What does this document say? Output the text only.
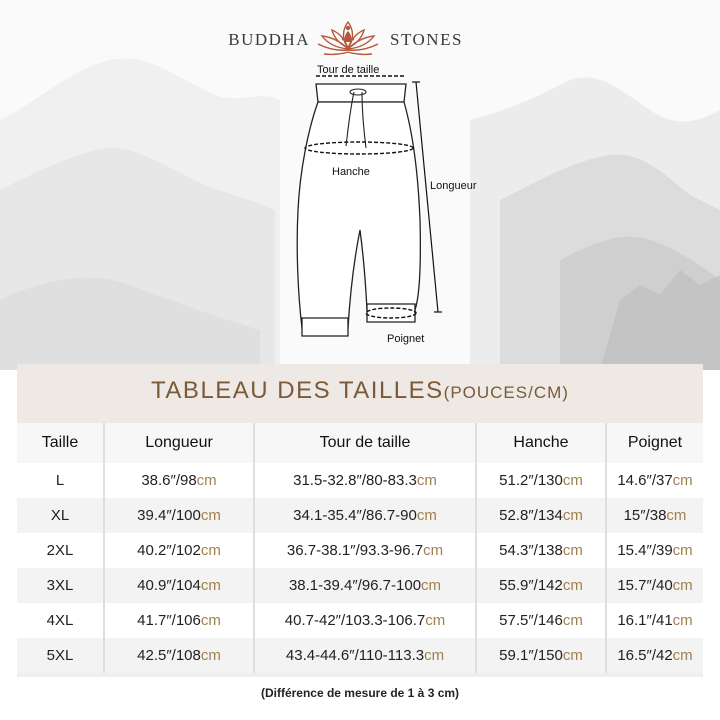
BUDDHA	STONES
Tour de taille
Hanche
Longueur
Poignet
TABLEAU DES TAILLES(POUCES/CM)
Taille	Longueur	Tour de taille	Hanche	Poignet
L	38.6″/98cm	31.5-32.8″/80-83.3cm	51.2″/130cm	14.6″/37cm
XL	39.4″/100cm	34.1-35.4″/86.7-90cm	52.8″/134cm	15″/38cm
2XL	40.2″/102cm	36.7-38.1″/93.3-96.7cm	54.3″/138cm	15.4″/39cm
3XL	40.9″/104cm	38.1-39.4″/96.7-100cm	55.9″/142cm	15.7″/40cm
4XL	41.7″/106cm	40.7-42″/103.3-106.7cm	57.5″/146cm	16.1″/41cm
5XL	42.5″/108cm	43.4-44.6″/110-113.3cm	59.1″/150cm	16.5″/42cm
(Différence de mesure de 1 à 3 cm)
